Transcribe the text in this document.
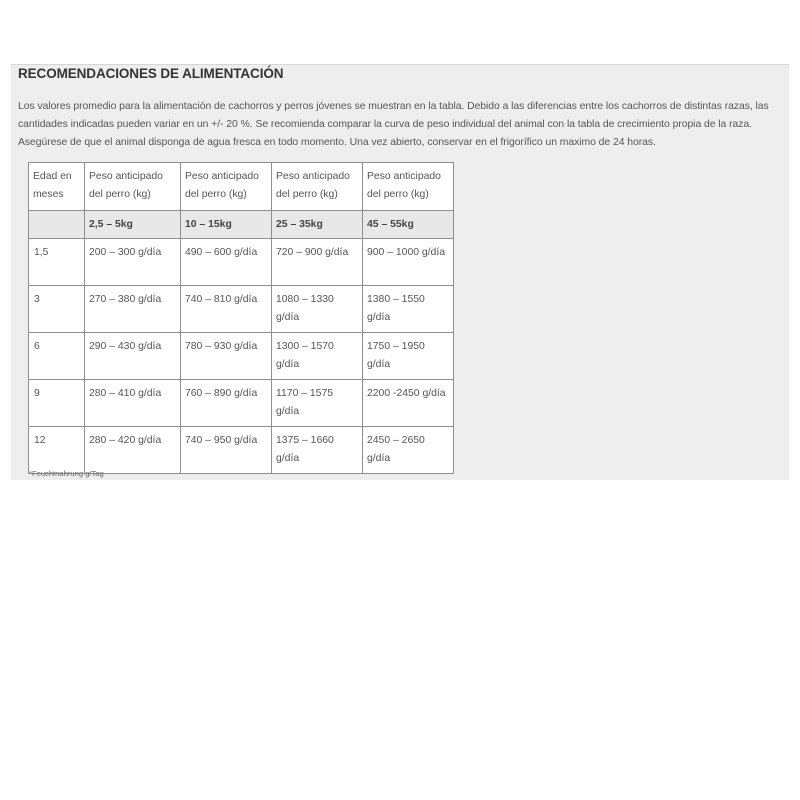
RECOMENDACIONES DE ALIMENTACIÓN

Los valores promedio para la alimentación de cachorros y perros jóvenes se muestran en la tabla. Debido a las diferencias entre los cachorros de distintas razas, las cantidades indicadas pueden variar en un +/- 20 %. Se recomienda comparar la curva de peso individual del animal con la tabla de crecimiento propia de la raza. Asegúrese de que el animal disponga de agua fresca en todo momento. Una vez abierto, conservar en el frigorífico un maximo de 24 horas.

Edad en meses	Peso anticipado del perro (kg)	Peso anticipado del perro (kg)	Peso anticipado del perro (kg)	Peso anticipado del perro (kg)
	2,5 – 5kg	10 – 15kg	25 – 35kg	45 – 55kg
1,5	200 – 300 g/día	490 – 600 g/día	720 – 900 g/día	900 – 1000 g/día
3	270 – 380 g/día	740 – 810 g/día	1080 – 1330 g/día	1380 – 1550 g/día
6	290 – 430 g/día	780 – 930 g/día	1300 – 1570 g/día	1750 – 1950 g/día
9	280 – 410 g/día	760 – 890 g/día	1170 – 1575 g/día	2200 -2450 g/día
12	280 – 420 g/día	740 – 950 g/día	1375 – 1660 g/día	2450 – 2650 g/día

*Feuchtnahrung g/Tag
